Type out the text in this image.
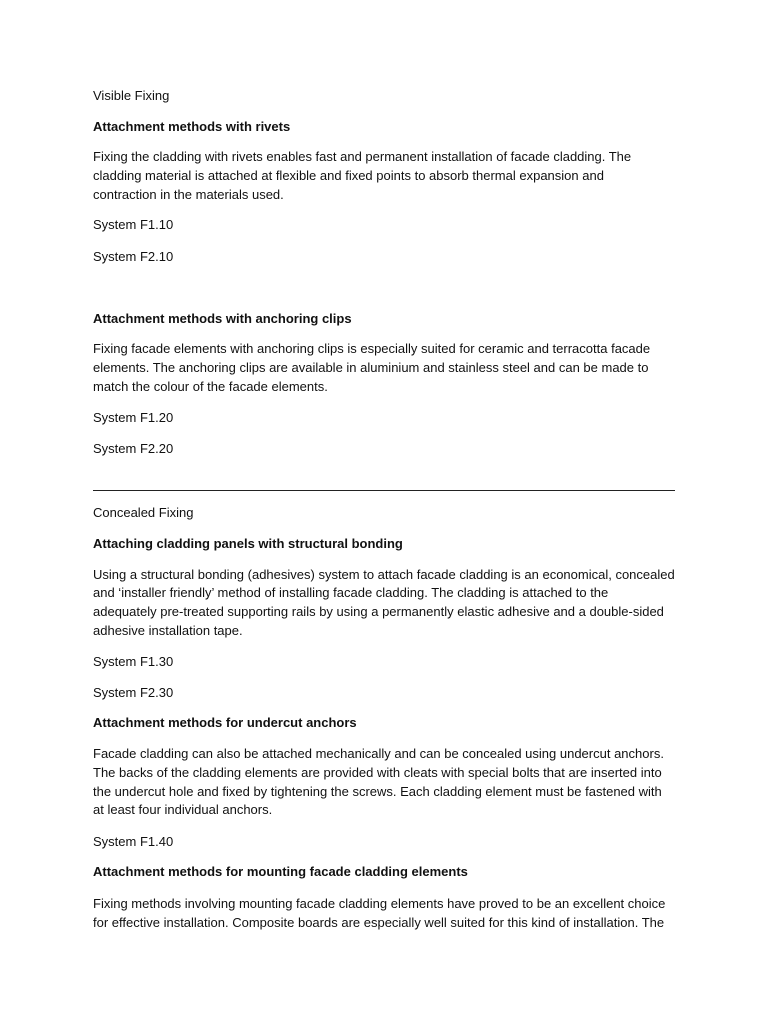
Visible Fixing

Attachment methods with rivets

Fixing the cladding with rivets enables fast and permanent installation of facade cladding. The

cladding material is attached at flexible and fixed points to absorb thermal expansion and

contraction in the materials used.

System F1.10

System F2.10

Attachment methods with anchoring clips

Fixing facade elements with anchoring clips is especially suited for ceramic and terracotta facade

elements. The anchoring clips are available in aluminium and stainless steel and can be made to

match the colour of the facade elements.

System F1.20

System F2.20

Concealed Fixing

Attaching cladding panels with structural bonding

Using a structural bonding (adhesives) system to attach facade cladding is an economical, concealed

and ‘installer friendly’ method of installing facade cladding. The cladding is attached to the

adequately pre-treated supporting rails by using a permanently elastic adhesive and a double-sided

adhesive installation tape.

System F1.30

System F2.30

Attachment methods for undercut anchors

Facade cladding can also be attached mechanically and can be concealed using undercut anchors.

The backs of the cladding elements are provided with cleats with special bolts that are inserted into

the undercut hole and fixed by tightening the screws. Each cladding element must be fastened with

at least four individual anchors.

System F1.40

Attachment methods for mounting facade cladding elements

Fixing methods involving mounting facade cladding elements have proved to be an excellent choice

for effective installation. Composite boards are especially well suited for this kind of installation. The
